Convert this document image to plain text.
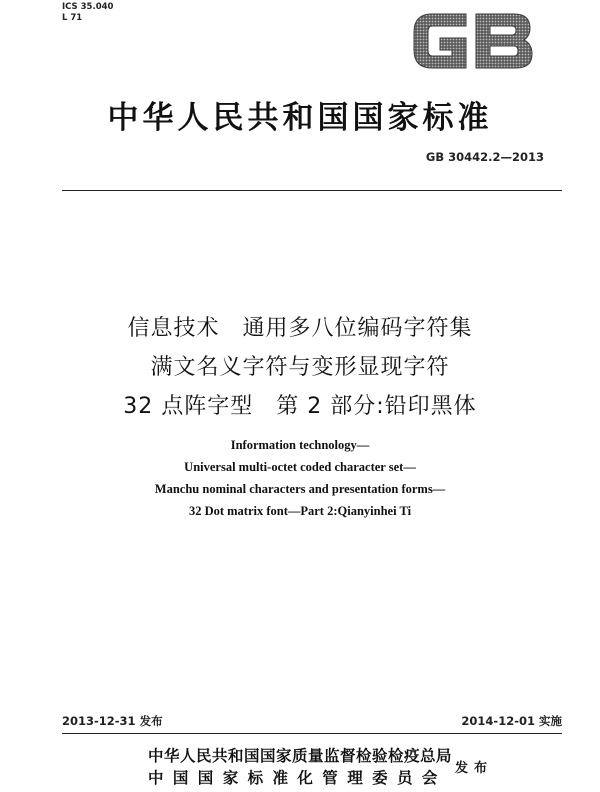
ICS 35.040
L 71
GB
中华人民共和国国家标准
GB 30442.2—2013
信息技术　通用多八位编码字符集
满文名义字符与变形显现字符
32 点阵字型　第 2 部分:铅印黑体
Information technology—
Universal multi-octet coded character set—
Manchu nominal characters and presentation forms—
32 Dot matrix font—Part 2:Qianyinhei Ti
2013-12-31 发布	2014-12-01 实施
中华人民共和国国家质量监督检验检疫总局
中国国家标准化管理委员会
发布
